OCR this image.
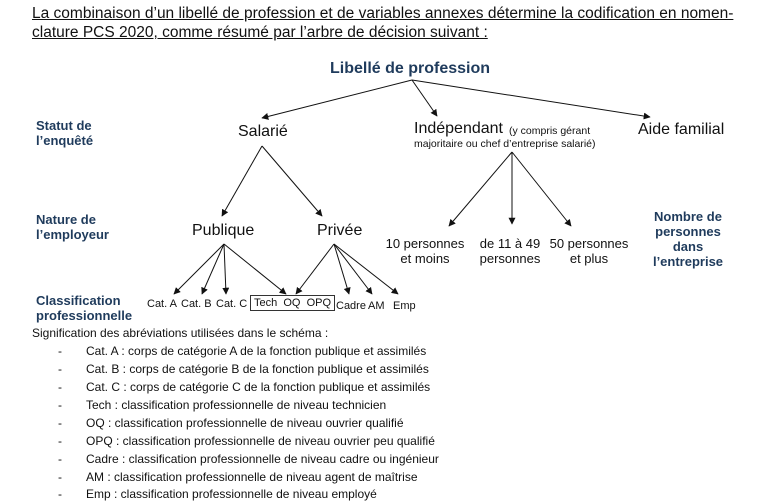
La combinaison d’un libellé de profession et de variables annexes détermine la codification en nomen-
clature PCS 2020, comme résumé par l’arbre de décision suivant :
Libellé de profession
Statut de
l’enquêté
Nature de
l’employeur
Classification
professionnelle
Nombre de
personnes
dans
l’entreprise
Salarié	Indépendant (y compris gérant
majoritaire ou chef d’entreprise salarié)
Aide familial
Publique	Privée
10 personnes
et moins
de 11 à 49
personnes
50 personnes
et plus
Cat. A Cat. B Cat. C Tech OQ OPQ Cadre AM Emp
Signification des abréviations utilisées dans le schéma :
- Cat. A : corps de catégorie A de la fonction publique et assimilés
- Cat. B : corps de catégorie B de la fonction publique et assimilés
- Cat. C : corps de catégorie C de la fonction publique et assimilés
- Tech : classification professionnelle de niveau technicien
- OQ : classification professionnelle de niveau ouvrier qualifié
- OPQ : classification professionnelle de niveau ouvrier peu qualifié
- Cadre : classification professionnelle de niveau cadre ou ingénieur
- AM : classification professionnelle de niveau agent de maîtrise
- Emp : classification professionnelle de niveau employé
